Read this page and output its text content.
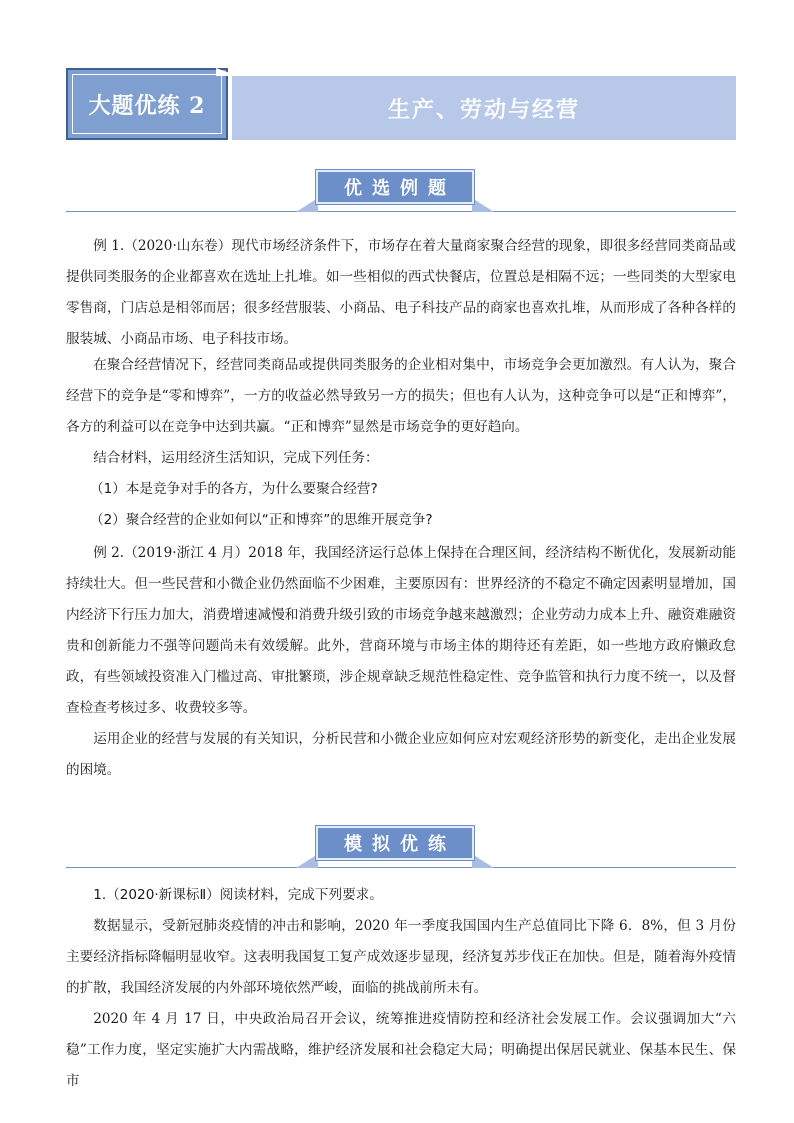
大题优练 2	生产、劳动与经营
优选例题

例 1.（2020·山东卷）现代市场经济条件下，市场存在着大量商家聚合经营的现象，即很多经营同类商品或提供同类服务的企业都喜欢在选址上扎堆。如一些相似的西式快餐店，位置总是相隔不远；一些同类的大型家电零售商，门店总是相邻而居；很多经营服装、小商品、电子科技产品的商家也喜欢扎堆，从而形成了各种各样的服装城、小商品市场、电子科技市场。

在聚合经营情况下，经营同类商品或提供同类服务的企业相对集中，市场竞争会更加激烈。有人认为，聚合经营下的竞争是“零和博弈”，一方的收益必然导致另一方的损失；但也有人认为，这种竞争可以是“正和博弈”，各方的利益可以在竞争中达到共赢。“正和博弈”显然是市场竞争的更好趋向。

结合材料，运用经济生活知识，完成下列任务：

（1）本是竞争对手的各方，为什么要聚合经营?

（2）聚合经营的企业如何以“正和博弈”的思维开展竞争?

例 2.（2019·浙江 4 月）2018 年，我国经济运行总体上保持在合理区间，经济结构不断优化，发展新动能持续壮大。但一些民营和小微企业仍然面临不少困难，主要原因有：世界经济的不稳定不确定因素明显增加，国内经济下行压力加大，消费增速减慢和消费升级引致的市场竞争越来越激烈；企业劳动力成本上升、融资难融资贵和创新能力不强等问题尚未有效缓解。此外，营商环境与市场主体的期待还有差距，如一些地方政府懒政怠政，有些领域投资准入门槛过高、审批繁琐，涉企规章缺乏规范性稳定性、竞争监管和执行力度不统一，以及督查检查考核过多、收费较多等。

运用企业的经营与发展的有关知识，分析民营和小微企业应如何应对宏观经济形势的新变化，走出企业发展的困境。

模拟优练

1.（2020·新课标Ⅱ）阅读材料，完成下列要求。

数据显示，受新冠肺炎疫情的冲击和影响，2020 年一季度我国国内生产总值同比下降 6．8%，但 3 月份主要经济指标降幅明显收窄。这表明我国复工复产成效逐步显现，经济复苏步伐正在加快。但是，随着海外疫情的扩散，我国经济发展的内外部环境依然严峻，面临的挑战前所未有。

2020 年 4 月 17 日，中央政治局召开会议，统筹推进疫情防控和经济社会发展工作。会议强调加大“六稳”工作力度，坚定实施扩大内需战略，维护经济发展和社会稳定大局；明确提出保居民就业、保基本民生、保市
